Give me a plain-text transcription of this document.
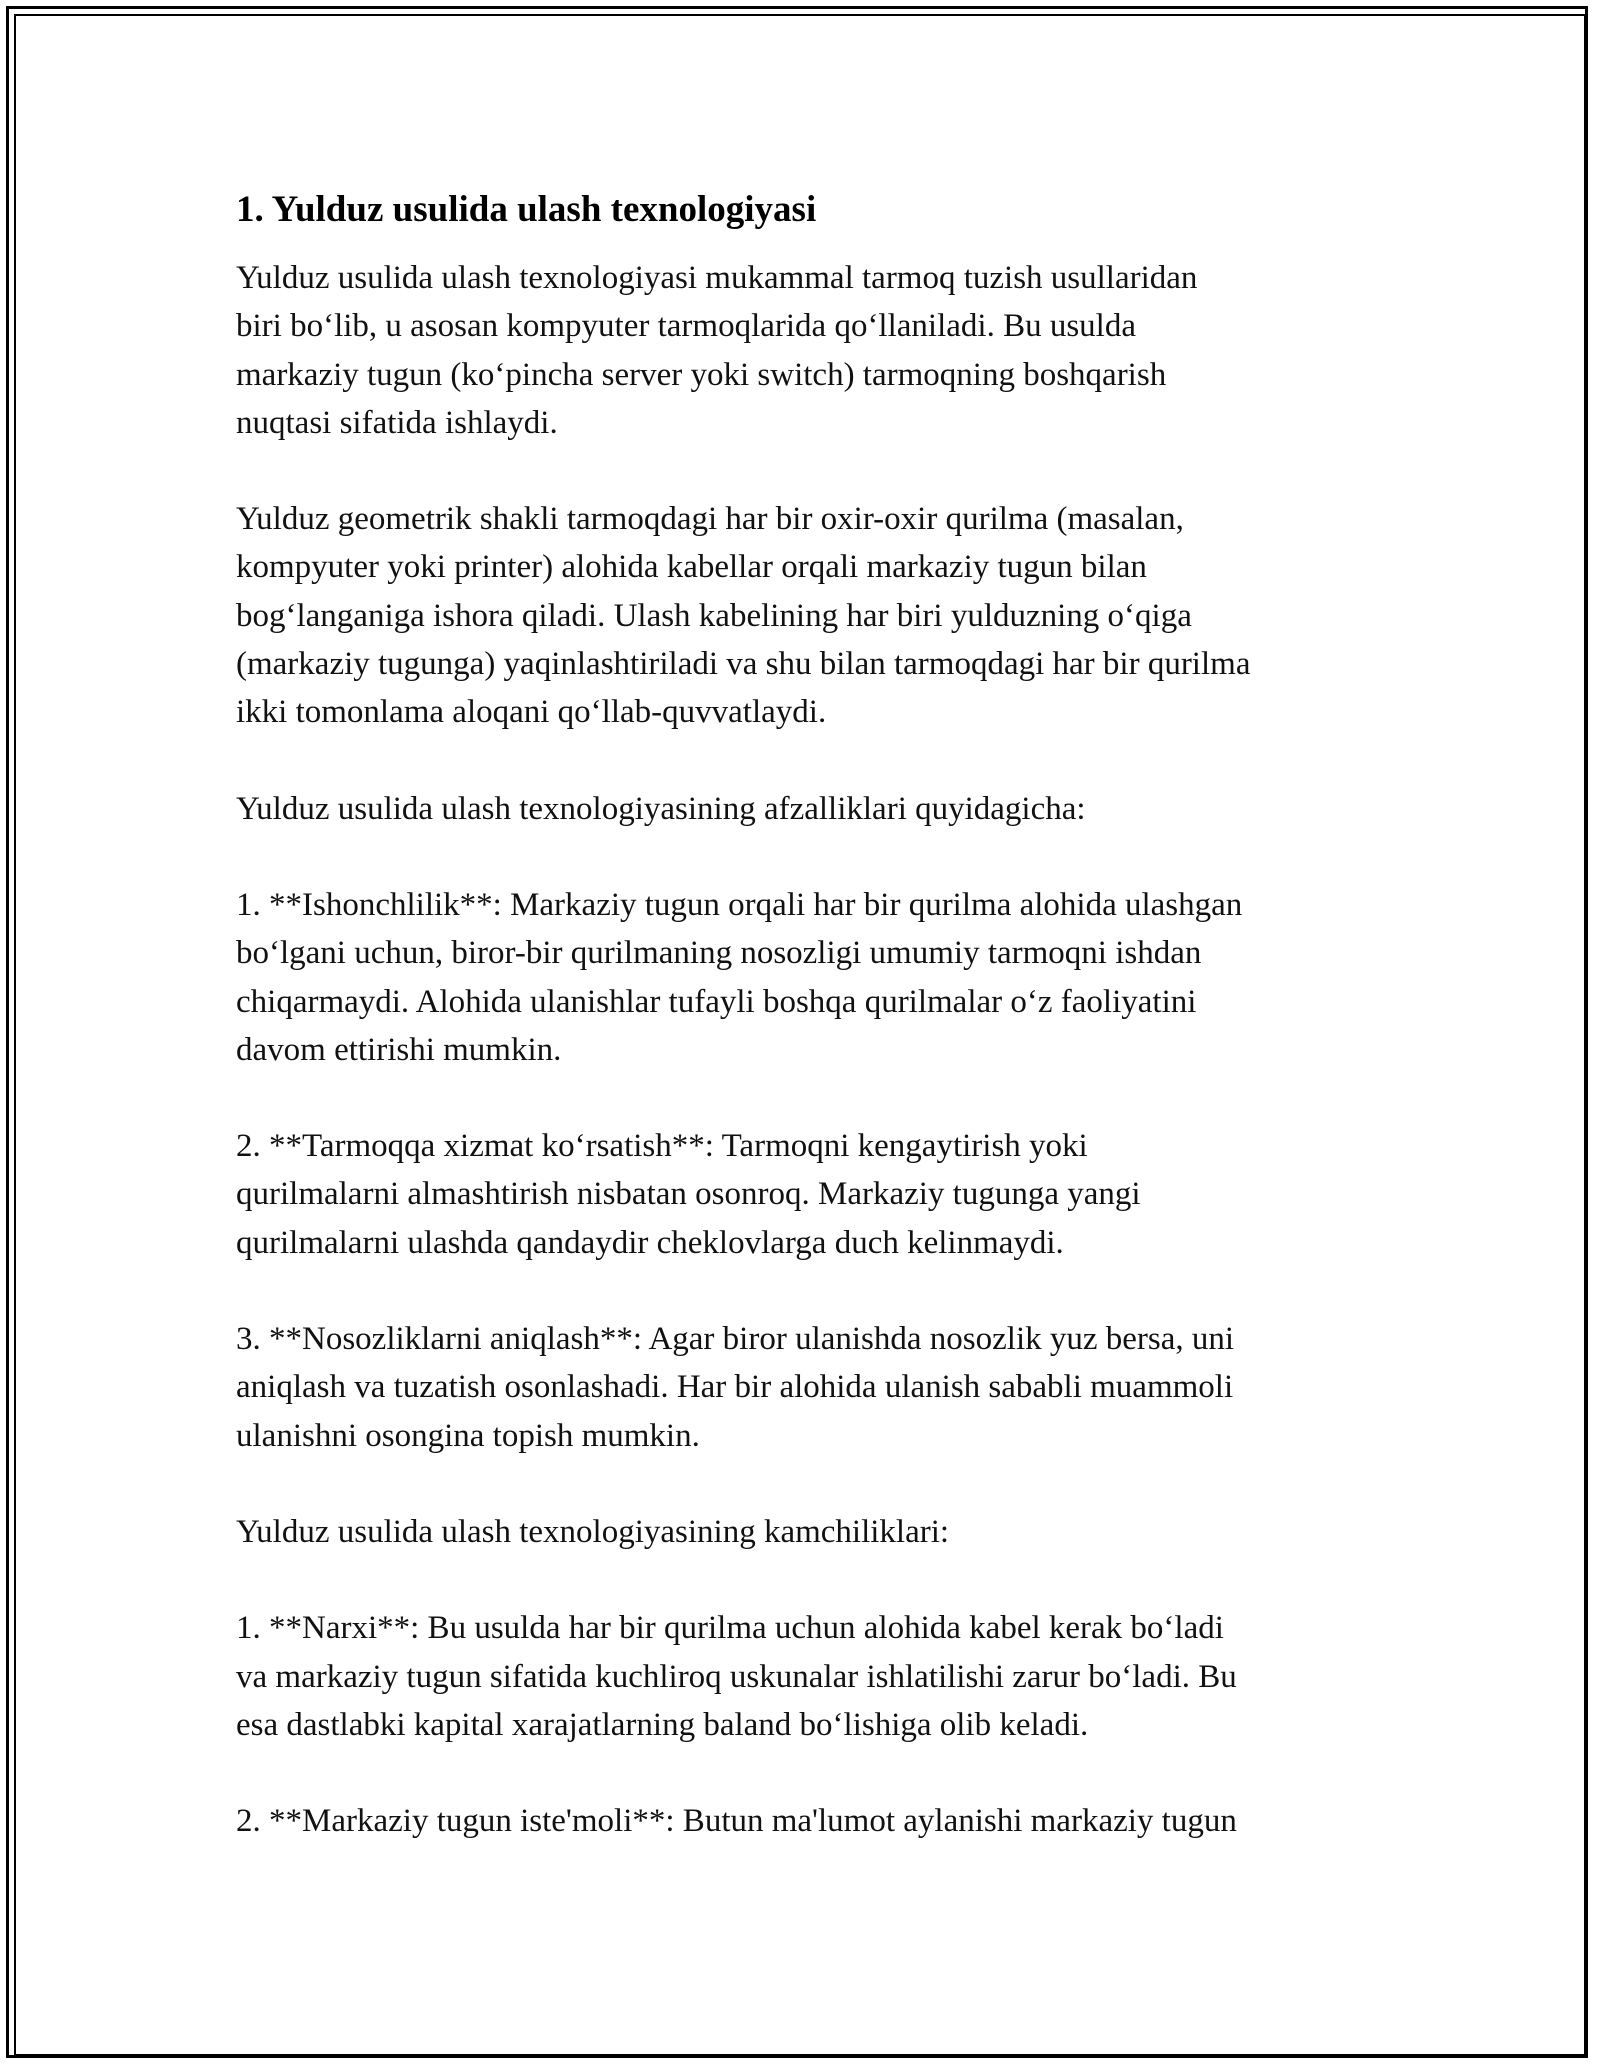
1. Yulduz usulida ulash texnologiyasi
Yulduz usulida ulash texnologiyasi mukammal tarmoq tuzish usullaridan
biri bo‘lib, u asosan kompyuter tarmoqlarida qo‘llaniladi. Bu usulda
markaziy tugun (ko‘pincha server yoki switch) tarmoqning boshqarish
nuqtasi sifatida ishlaydi.
Yulduz geometrik shakli tarmoqdagi har bir oxir-oxir qurilma (masalan,
kompyuter yoki printer) alohida kabellar orqali markaziy tugun bilan
bog‘langaniga ishora qiladi. Ulash kabelining har biri yulduzning o‘qiga
(markaziy tugunga) yaqinlashtiriladi va shu bilan tarmoqdagi har bir qurilma
ikki tomonlama aloqani qo‘llab-quvvatlaydi.
Yulduz usulida ulash texnologiyasining afzalliklari quyidagicha:
1. **Ishonchlilik**: Markaziy tugun orqali har bir qurilma alohida ulashgan
bo‘lgani uchun, biror-bir qurilmaning nosozligi umumiy tarmoqni ishdan
chiqarmaydi. Alohida ulanishlar tufayli boshqa qurilmalar o‘z faoliyatini
davom ettirishi mumkin.
2. **Tarmoqqa xizmat ko‘rsatish**: Tarmoqni kengaytirish yoki
qurilmalarni almashtirish nisbatan osonroq. Markaziy tugunga yangi
qurilmalarni ulashda qandaydir cheklovlarga duch kelinmaydi.
3. **Nosozliklarni aniqlash**: Agar biror ulanishda nosozlik yuz bersa, uni
aniqlash va tuzatish osonlashadi. Har bir alohida ulanish sababli muammoli
ulanishni osongina topish mumkin.
Yulduz usulida ulash texnologiyasining kamchiliklari:
1. **Narxi**: Bu usulda har bir qurilma uchun alohida kabel kerak bo‘ladi
va markaziy tugun sifatida kuchliroq uskunalar ishlatilishi zarur bo‘ladi. Bu
esa dastlabki kapital xarajatlarning baland bo‘lishiga olib keladi.
2. **Markaziy tugun iste'moli**: Butun ma'lumot aylanishi markaziy tugun
